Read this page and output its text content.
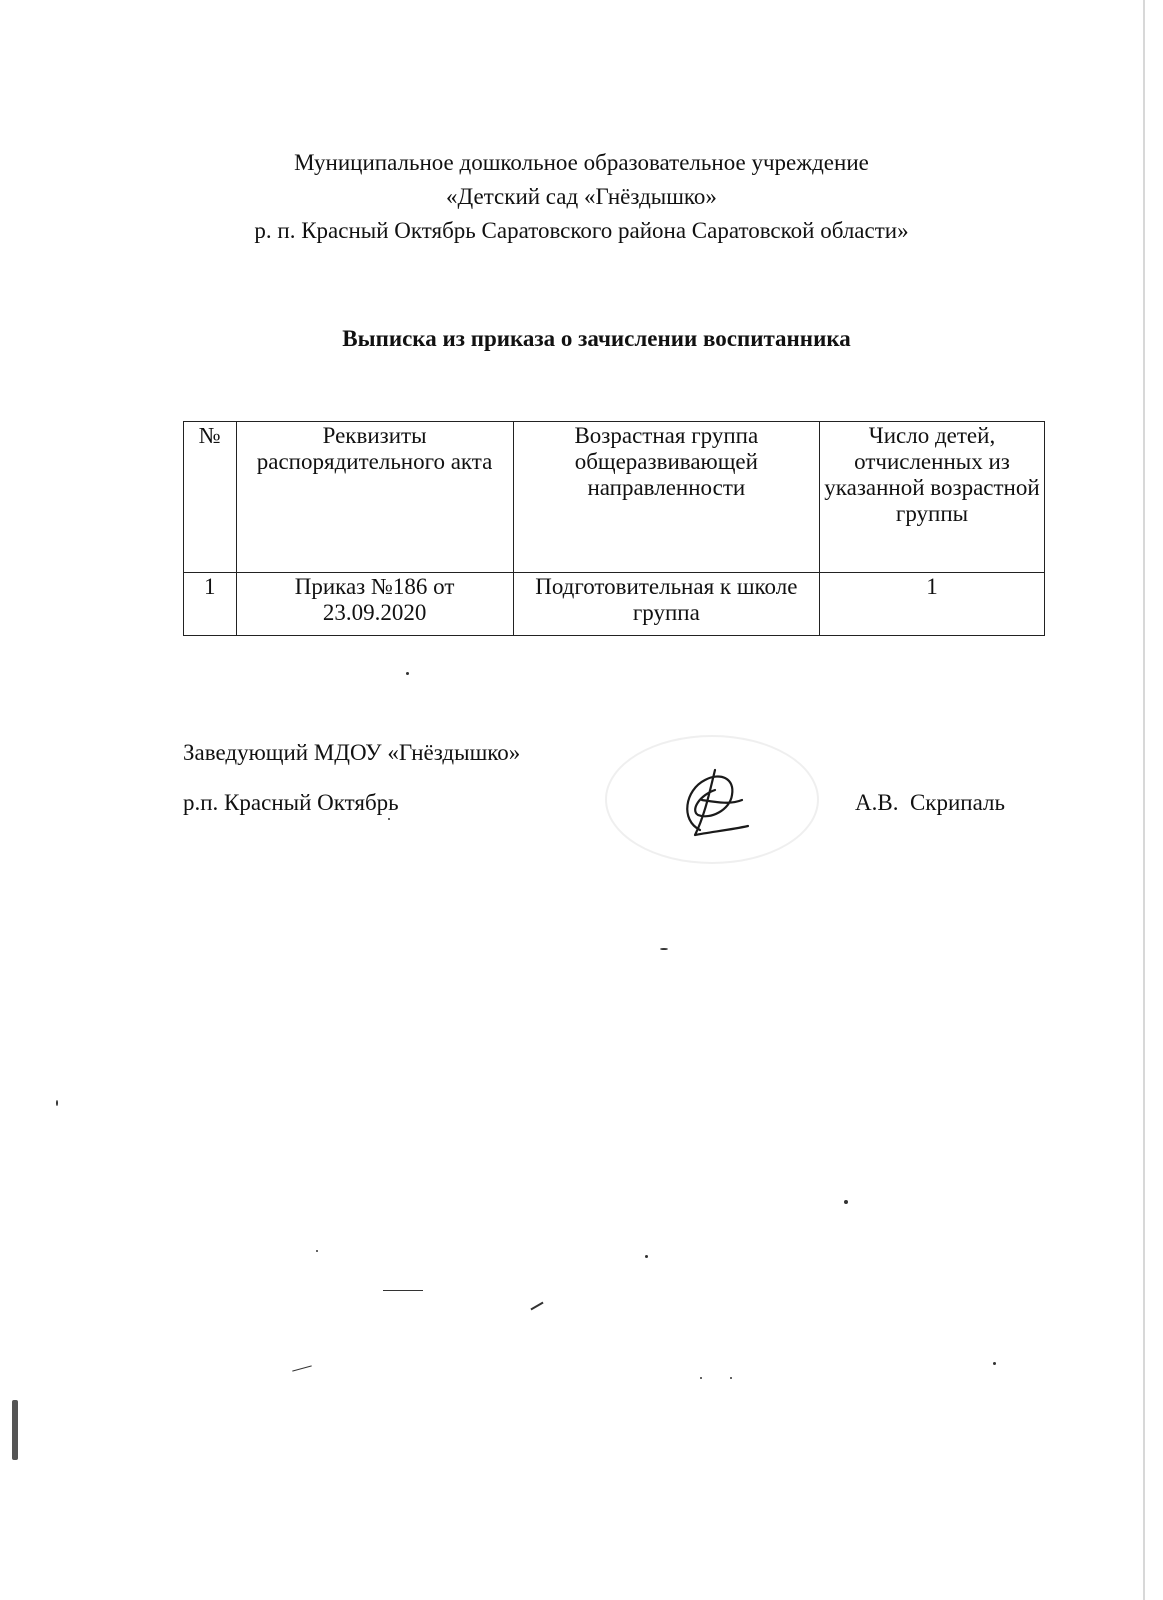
Муниципальное дошкольное образовательное учреждение
«Детский сад «Гнёздышко»
р. п. Красный Октябрь Саратовского района Саратовской области»
Выписка из приказа о зачислении воспитанника
№	Реквизиты распорядительного акта	Возрастная группа общеразвивающей направленности	Число детей, отчисленных из указанной возрастной группы
1	Приказ №186 от 23.09.2020	Подготовительная к школе группа	1
Заведующий МДОУ «Гнёздышко»
р.п. Красный Октябрь	А.В.  Скрипаль
